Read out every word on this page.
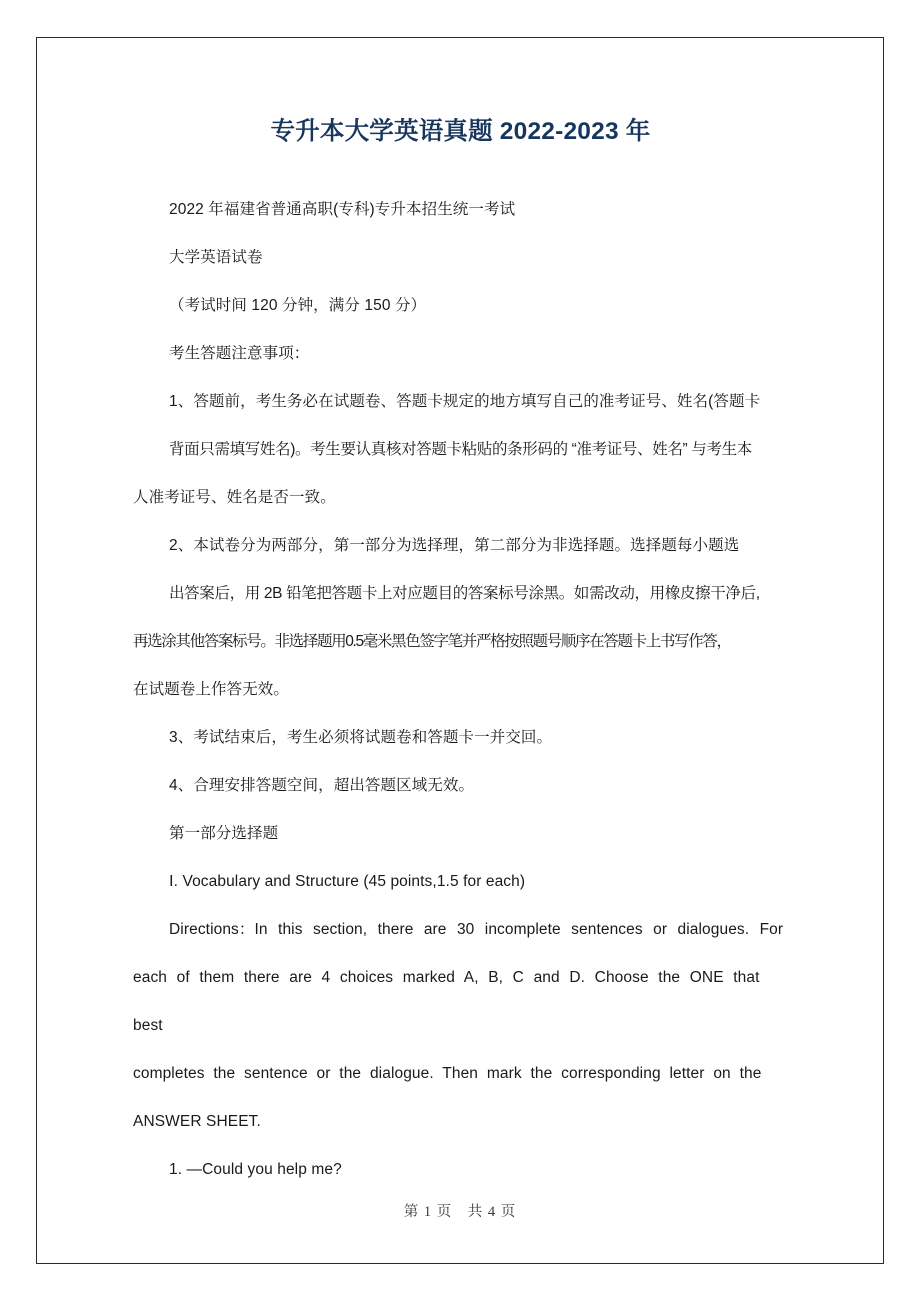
专升本大学英语真题 2022-2023 年

2022 年福建省普通高职(专科)专升本招生统一考试

大学英语试卷

（考试时间 120 分钟，满分 150 分）

考生答题注意事项：

1、答题前，考生务必在试题卷、答题卡规定的地方填写自己的准考证号、姓名(答题卡

背面只需填写姓名)。考生要认真核对答题卡粘贴的条形码的 “准考证号、姓名” 与考生本

人准考证号、姓名是否一致。

2、本试卷分为两部分，第一部分为选择理，第二部分为非选择题。选择题每小题选

出答案后，用 2B 铅笔把答题卡上对应题目的答案标号涂黑。如需改动，用橡皮擦干净后,

再选涂其他答案标号。非选择题用0.5毫米黑色签字笔并严格按照题号顺序在答题卡上书写作答，

在试题卷上作答无效。

3、考试结束后，考生必须将试题卷和答题卡一并交回。

4、合理安排答题空间，超出答题区域无效。

第一部分选择题

Ⅰ. Vocabulary and Structure (45 points,1.5 for each)

Directions：In this section, there are 30 incomplete sentences or dialogues. For

each of them there are 4 choices marked A, B, C and D. Choose the ONE that best

completes the sentence or the dialogue. Then mark the corresponding letter on the

ANSWER SHEET.

1. —Could you help me?

第 1 页　共 4 页
